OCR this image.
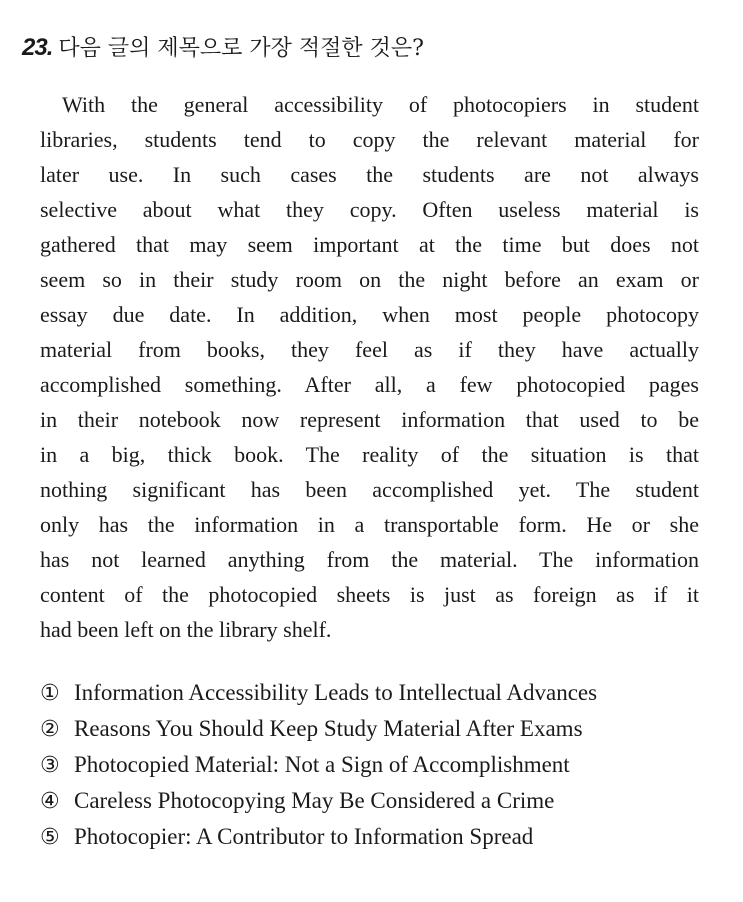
23. 다음 글의 제목으로 가장 적절한 것은?
With the general accessibility of photocopiers in student
libraries, students tend to copy the relevant material for
later use. In such cases the students are not always
selective about what they copy. Often useless material is
gathered that may seem important at the time but does not
seem so in their study room on the night before an exam or
essay due date. In addition, when most people photocopy
material from books, they feel as if they have actually
accomplished something. After all, a few photocopied pages
in their notebook now represent information that used to be
in a big, thick book. The reality of the situation is that
nothing significant has been accomplished yet. The student
only has the information in a transportable form. He or she
has not learned anything from the material. The information
content of the photocopied sheets is just as foreign as if it
had been left on the library shelf.
① Information Accessibility Leads to Intellectual Advances
② Reasons You Should Keep Study Material After Exams
③ Photocopied Material: Not a Sign of Accomplishment
④ Careless Photocopying May Be Considered a Crime
⑤ Photocopier: A Contributor to Information Spread
